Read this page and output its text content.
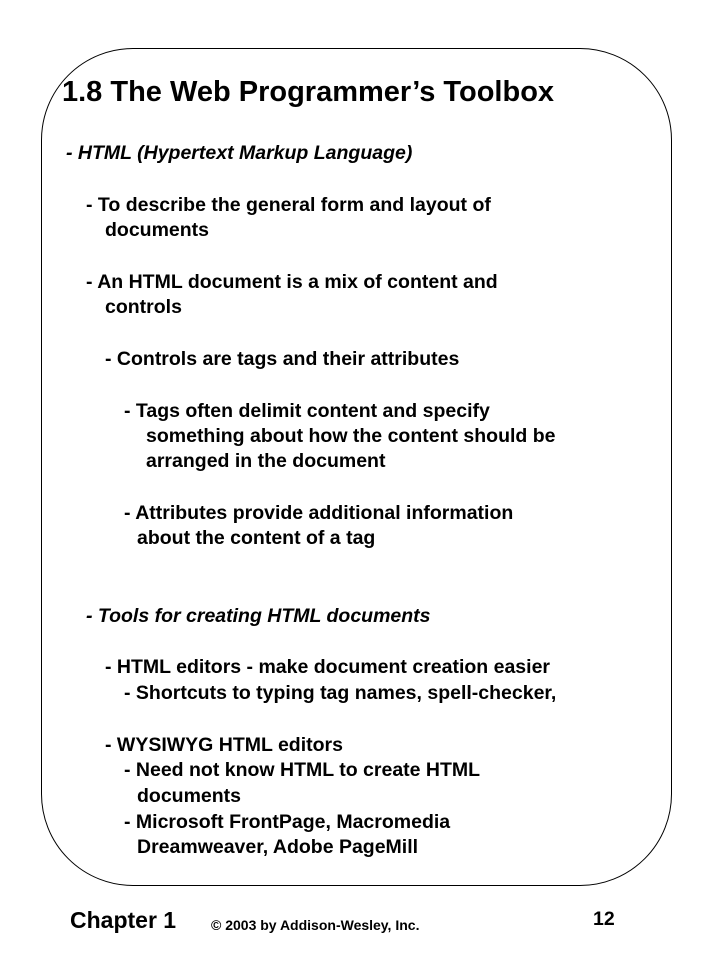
1.8 The Web Programmer’s Toolbox
- HTML (Hypertext Markup Language)
- To describe the general form and layout of
documents
- An HTML document is a mix of content and
controls
- Controls are tags and their attributes
- Tags often delimit content and specify
something about how the content should be
arranged in the document
- Attributes provide additional information
about the content of a tag
- Tools for creating HTML documents
- HTML editors - make document creation easier
- Shortcuts to typing tag names, spell-checker,
- WYSIWYG HTML editors
- Need not know HTML to create HTML
documents
- Microsoft FrontPage, Macromedia
Dreamweaver, Adobe PageMill
Chapter 1 © 2003 by Addison-Wesley, Inc.	12
